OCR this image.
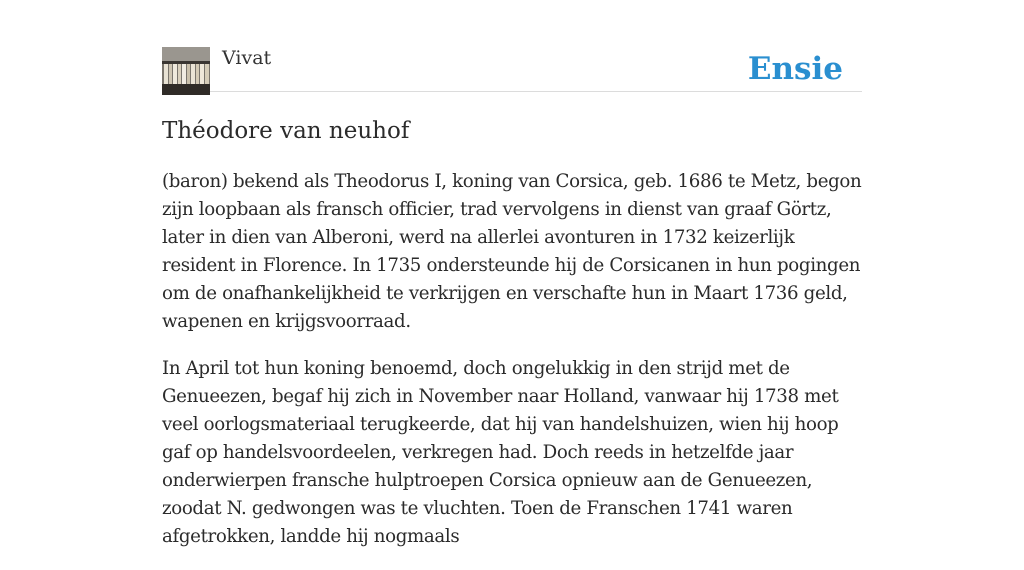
Vivat	Ensie
Théodore van neuhof

(baron) bekend als Theodorus I, koning van Corsica, geb. 1686 te Metz, begon zijn loopbaan als fransch officier, trad vervolgens in dienst van graaf Görtz, later in dien van Alberoni, werd na allerlei avonturen in 1732 keizerlijk resident in Florence. In 1735 ondersteunde hij de Corsicanen in hun pogingen om de onafhankelijkheid te verkrijgen en verschafte hun in Maart 1736 geld, wapenen en krijgsvoorraad.

In April tot hun koning benoemd, doch ongelukkig in den strijd met de Genueezen, begaf hij zich in November naar Holland, vanwaar hij 1738 met veel oorlogsmateriaal terugkeerde, dat hij van handelshuizen, wien hij hoop gaf op handelsvoordeelen, verkregen had. Doch reeds in hetzelfde jaar onderwierpen fransche hulptroepen Corsica opnieuw aan de Genueezen, zoodat N. gedwongen was te vluchten. Toen de Franschen 1741 waren afgetrokken, landde hij nogmaals
